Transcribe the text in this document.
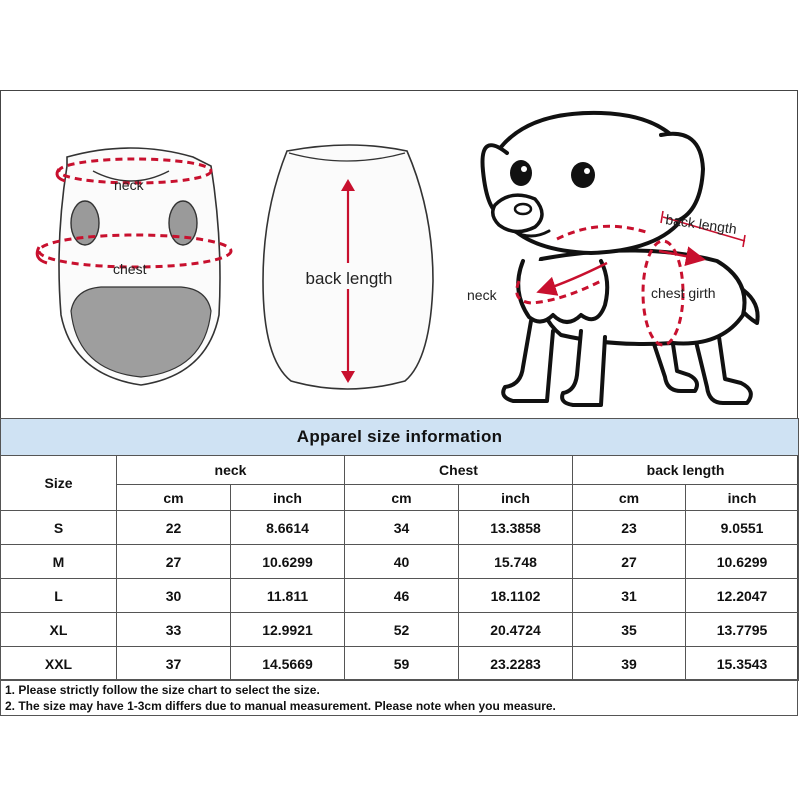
neck
chest	back length
back length
neck	chest girth
Apparel size information						
Size	neck		Chest		back length	
	cm	inch	cm	inch	cm	inch
S	22	8.6614	34	13.3858	23	9.0551
M	27	10.6299	40	15.748	27	10.6299
L	30	11.811	46	18.1102	31	12.2047
XL	33	12.9921	52	20.4724	35	13.7795
XXL	37	14.5669	59	23.2283	39	15.3543
1. Please strictly follow the size chart to select the size.
2. The size may have 1-3cm differs due to manual measurement. Please note when you measure.
